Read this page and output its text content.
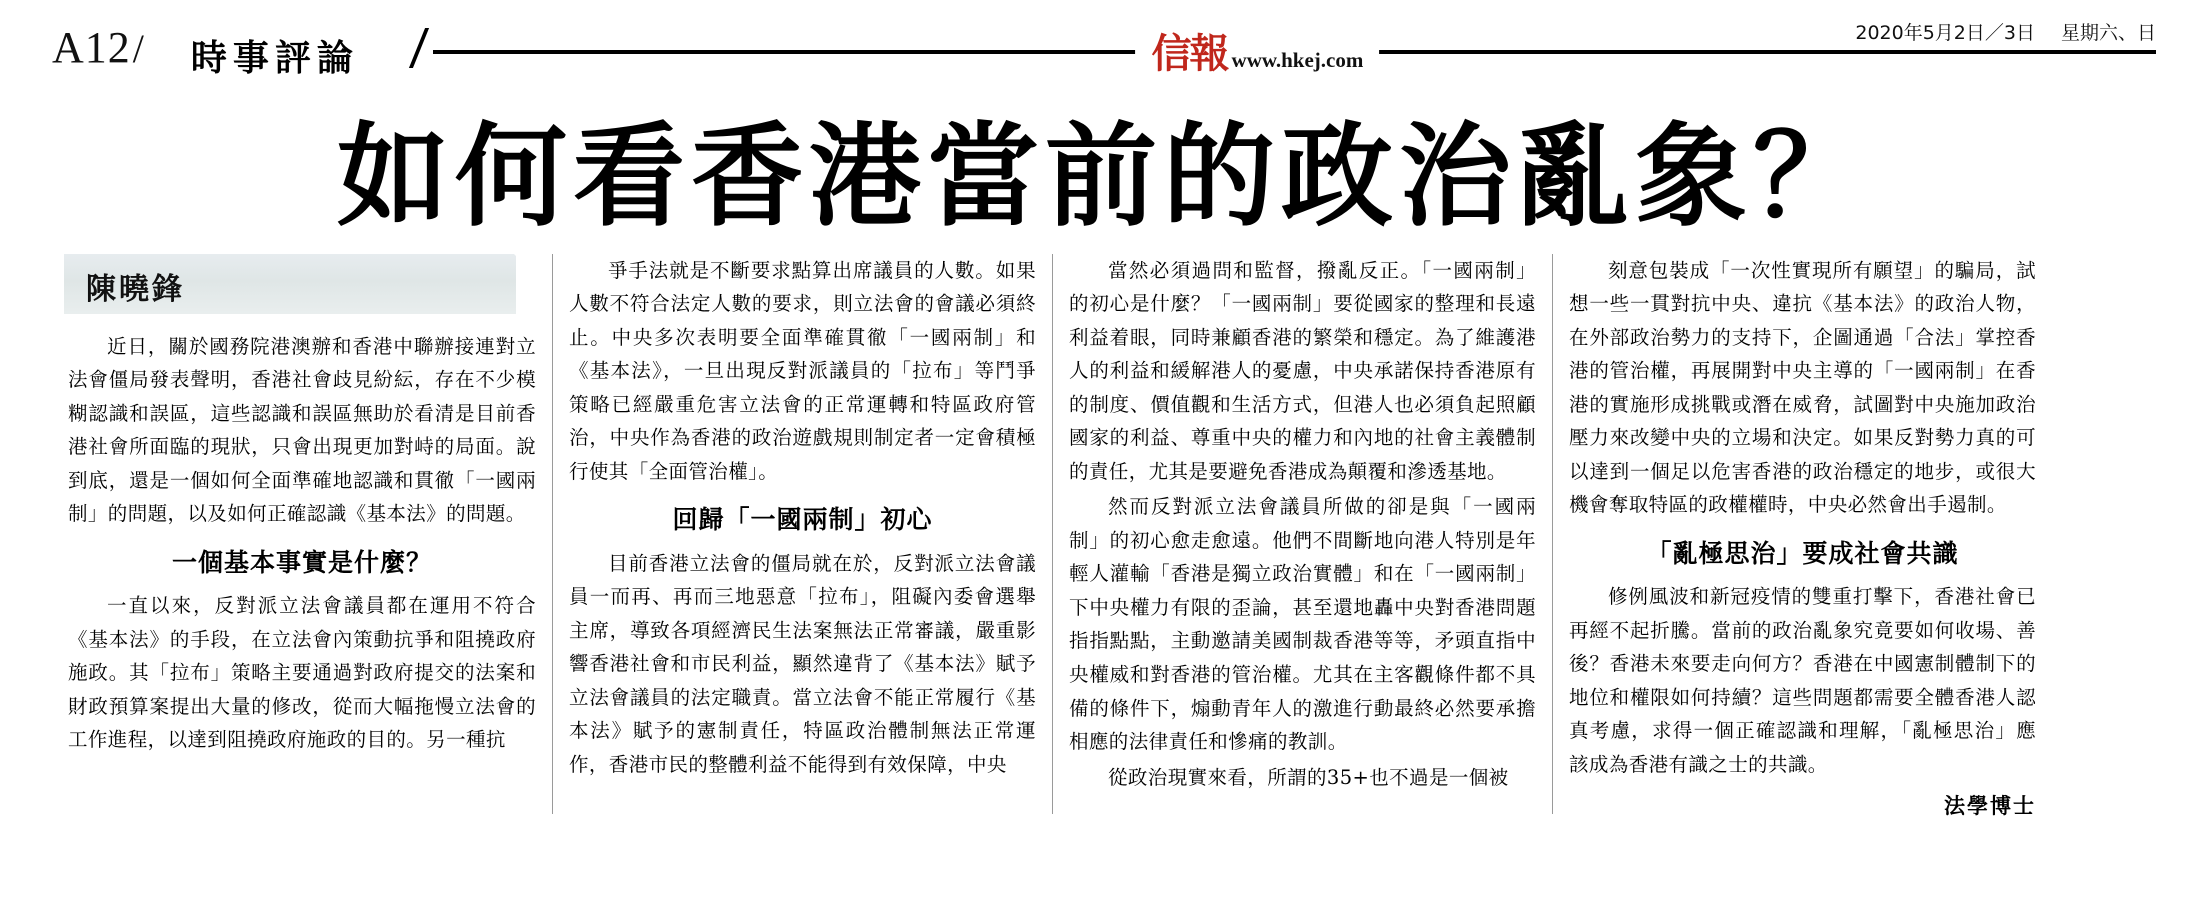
A12/	時事評論	信報 www.hkej.com
2020年5月2日／3日 星期六、日
如何看香港當前的政治亂象？
陳曉鋒

近日，關於國務院港澳辦和香港中聯辦接連對立法會僵局發表聲明，香港社會歧見紛紜，存在不少模糊認識和誤區，這些認識和誤區無助於看清是目前香港社會所面臨的現狀，只會出現更加對峙的局面。說到底，還是一個如何全面準確地認識和貫徹「一國兩制」的問題，以及如何正確認識《基本法》的問題。

一個基本事實是什麼？

一直以來，反對派立法會議員都在運用不符合《基本法》的手段，在立法會內策動抗爭和阻撓政府施政。其「拉布」策略主要通過對政府提交的法案和財政預算案提出大量的修改，從而大幅拖慢立法會的工作進程，以達到阻撓政府施政的目的。另一種抗

爭手法就是不斷要求點算出席議員的人數。如果人數不符合法定人數的要求，則立法會的會議必須終止。中央多次表明要全面準確貫徹「一國兩制」和《基本法》，一旦出現反對派議員的「拉布」等鬥爭策略已經嚴重危害立法會的正常運轉和特區政府管治，中央作為香港的政治遊戲規則制定者一定會積極行使其「全面管治權」。

回歸「一國兩制」初心

目前香港立法會的僵局就在於，反對派立法會議員一而再、再而三地惡意「拉布」，阻礙內委會選舉主席，導致各項經濟民生法案無法正常審議，嚴重影響香港社會和市民利益，顯然違背了《基本法》賦予立法會議員的法定職責。當立法會不能正常履行《基本法》賦予的憲制責任，特區政治體制無法正常運作，香港市民的整體利益不能得到有效保障，中央

當然必須過問和監督，撥亂反正。「一國兩制」的初心是什麼？「一國兩制」要從國家的整理和長遠利益着眼，同時兼顧香港的繁榮和穩定。為了維護港人的利益和緩解港人的憂慮，中央承諾保持香港原有的制度、價值觀和生活方式，但港人也必須負起照顧國家的利益、尊重中央的權力和內地的社會主義體制的責任，尤其是要避免香港成為顛覆和滲透基地。

然而反對派立法會議員所做的卻是與「一國兩制」的初心愈走愈遠。他們不間斷地向港人特別是年輕人灌輸「香港是獨立政治實體」和在「一國兩制」下中央權力有限的歪論，甚至還地轟中央對香港問題指指點點，主動邀請美國制裁香港等等，矛頭直指中央權威和對香港的管治權。尤其在主客觀條件都不具備的條件下，煽動青年人的激進行動最終必然要承擔相應的法律責任和慘痛的教訓。

從政治現實來看，所謂的35+也不過是一個被

刻意包裝成「一次性實現所有願望」的騙局，試想一些一貫對抗中央、違抗《基本法》的政治人物，在外部政治勢力的支持下，企圖通過「合法」掌控香港的管治權，再展開對中央主導的「一國兩制」在香港的實施形成挑戰或潛在威脅，試圖對中央施加政治壓力來改變中央的立場和決定。如果反對勢力真的可以達到一個足以危害香港的政治穩定的地步，或很大機會奪取特區的政權權時，中央必然會出手遏制。

「亂極思治」要成社會共識

修例風波和新冠疫情的雙重打擊下，香港社會已再經不起折騰。當前的政治亂象究竟要如何收場、善後？香港未來要走向何方？香港在中國憲制體制下的地位和權限如何持續？這些問題都需要全體香港人認真考慮，求得一個正確認識和理解，「亂極思治」應該成為香港有識之士的共識。

法學博士
